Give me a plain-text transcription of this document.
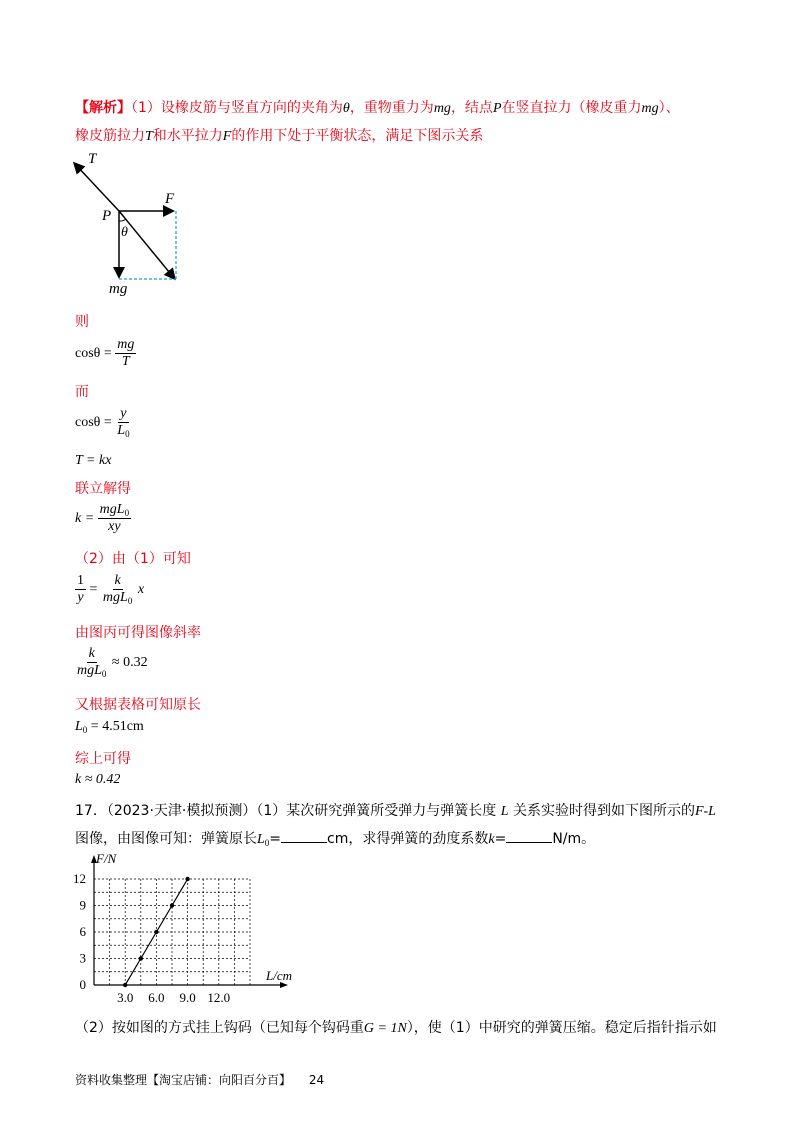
【解析】（1）设橡皮筋与竖直方向的夹角为θ，重物重力为mg，结点P在竖直拉力（橡皮重力mg）、
橡皮筋拉力T和水平拉力F的作用下处于平衡状态，满足下图示关系
T
F
P
θ
mg
则
$\cos\theta = \frac{mg}{T}$
而
$\cos\theta = \frac{y}{L_0}$
T = kx
联立解得
$k = \frac{mgL_0}{xy}$
（2）由（1）可知
$\frac{1}{y} = \frac{k}{mgL_0}$ x
由图丙可得图像斜率
$\frac{k}{mgL_0} \approx 0.32$
又根据表格可知原长
$L_0 = 4.51cm$
综上可得
k ≈ 0.42
17．（2023·天津·模拟预测）（1）某次研究弹簧所受弹力与弹簧长度 L 关系实验时得到如下图所示的F-L
图像，由图像可知：弹簧原长$L_0=$	cm，求得弹簧的劲度系数k=	N/m。
3.0 6.0 9.0 12.0
0
3
6
9
12
F/N
L/cm
（2）按如图的方式挂上钩码（已知每个钩码重G = 1N），使（1）中研究的弹簧压缩。稳定后指针指示如
资料收集整理【淘宝店铺：向阳百分百】 24
